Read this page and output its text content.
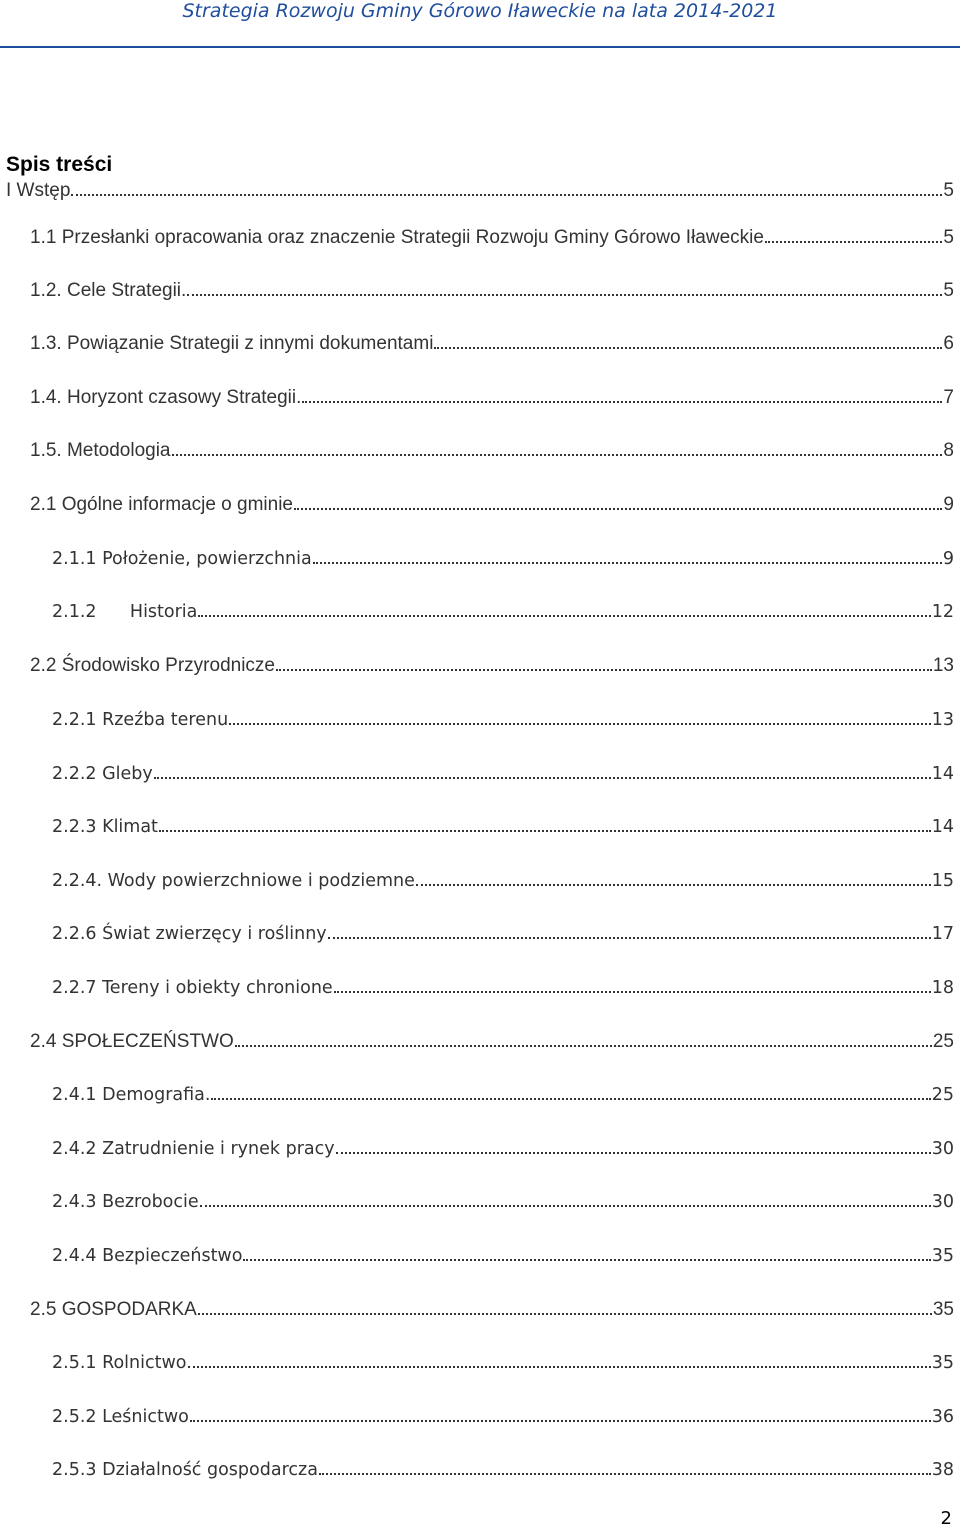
Strategia Rozwoju Gminy Górowo Iławeckie na lata 2014-2021
Spis treści
I Wstęp	5
1.1 Przesłanki opracowania oraz znaczenie Strategii Rozwoju Gminy Górowo Iławeckie	5
1.2. Cele Strategii.	5
1.3. Powiązanie Strategii z innymi dokumentami	6
1.4. Horyzont czasowy Strategii.	7
1.5. Metodologia	8
2.1 Ogólne informacje o gminie	9
2.1.1 Położenie, powierzchnia	9
2.1.2      Historia	12
2.2 Środowisko Przyrodnicze	13
2.2.1 Rzeźba terenu	13
2.2.2 Gleby	14
2.2.3 Klimat	14
2.2.4. Wody powierzchniowe i podziemne	15
2.2.6 Świat zwierzęcy i roślinny	17
2.2.7 Tereny i obiekty chronione	18
2.4 SPOŁECZEŃSTWO	25
2.4.1 Demografia.	25
2.4.2 Zatrudnienie i rynek pracy	30
2.4.3 Bezrobocie	30
2.4.4 Bezpieczeństwo	35
2.5 GOSPODARKA	35
2.5.1 Rolnictwo	35
2.5.2 Leśnictwo	36
2.5.3 Działalność gospodarcza	38
2
